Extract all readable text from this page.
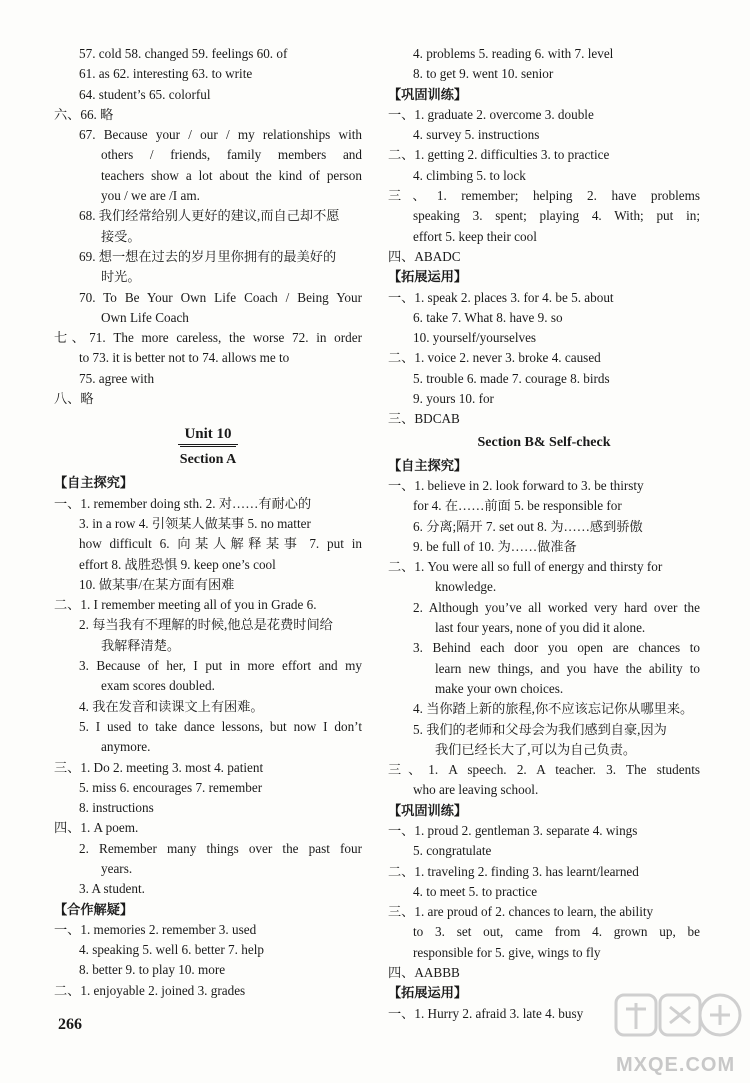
57. cold 58. changed 59. feelings 60. of
61. as 62. interesting 63. to write
64. student’s 65. colorful
六、66. 略
67. Because your / our / my relationships with
others / friends, family members and
teachers show a lot about the kind of person
you / we are /I am.
68. 我们经常给别人更好的建议,而自己却不愿
接受。
69. 想一想在过去的岁月里你拥有的最美好的
时光。
70. To Be Your Own Life Coach / Being Your
Own Life Coach
七、71. The more careless, the worse 72. in order
to 73. it is better not to 74. allows me to
75. agree with
八、略
Unit 10
Section A
【自主探究】
一、1. remember doing sth. 2. 对……有耐心的
3. in a row 4. 引领某人做某事 5. no matter
how difficult 6. 向某人解释某事 7. put in
effort 8. 战胜恐惧 9. keep one’s cool
10. 做某事/在某方面有困难
二、1. I remember meeting all of you in Grade 6.
2. 每当我有不理解的时候,他总是花费时间给
我解释清楚。
3. Because of her, I put in more effort and my
exam scores doubled.
4. 我在发音和读课文上有困难。
5. I used to take dance lessons, but now I don’t
anymore.
三、1. Do 2. meeting 3. most 4. patient
5. miss 6. encourages 7. remember
8. instructions
四、1. A poem.
2. Remember many things over the past four
years.
3. A student.
【合作解疑】
一、1. memories 2. remember 3. used
4. speaking 5. well 6. better 7. help
8. better 9. to play 10. more
二、1. enjoyable 2. joined 3. grades
4. problems 5. reading 6. with 7. level
8. to get 9. went 10. senior
【巩固训练】
一、1. graduate 2. overcome 3. double
4. survey 5. instructions
二、1. getting 2. difficulties 3. to practice
4. climbing 5. to lock
三、1. remember; helping 2. have problems
speaking 3. spent; playing 4. With; put in;
effort 5. keep their cool
四、ABADC
【拓展运用】
一、1. speak 2. places 3. for 4. be 5. about
6. take 7. What 8. have 9. so
10. yourself/yourselves
二、1. voice 2. never 3. broke 4. caused
5. trouble 6. made 7. courage 8. birds
9. yours 10. for
三、BDCAB
Section B& Self-check
【自主探究】
一、1. believe in 2. look forward to 3. be thirsty
for 4. 在……前面 5. be responsible for
6. 分离;隔开 7. set out 8. 为……感到骄傲
9. be full of 10. 为……做准备
二、1. You were all so full of energy and thirsty for
knowledge.
2. Although you’ve all worked very hard over the
last four years, none of you did it alone.
3. Behind each door you open are chances to
learn new things, and you have the ability to
make your own choices.
4. 当你踏上新的旅程,你不应该忘记你从哪里来。
5. 我们的老师和父母会为我们感到自豪,因为
我们已经长大了,可以为自己负责。
三、1. A speech. 2. A teacher. 3. The students
who are leaving school.
【巩固训练】
一、1. proud 2. gentleman 3. separate 4. wings
5. congratulate
二、1. traveling 2. finding 3. has learnt/learned
4. to meet 5. to practice
三、1. are proud of 2. chances to learn, the ability
to 3. set out, came from 4. grown up, be
responsible for 5. give, wings to fly
四、AABBB
【拓展运用】
一、1. Hurry 2. afraid 3. late 4. busy
266
MXQE.COM
